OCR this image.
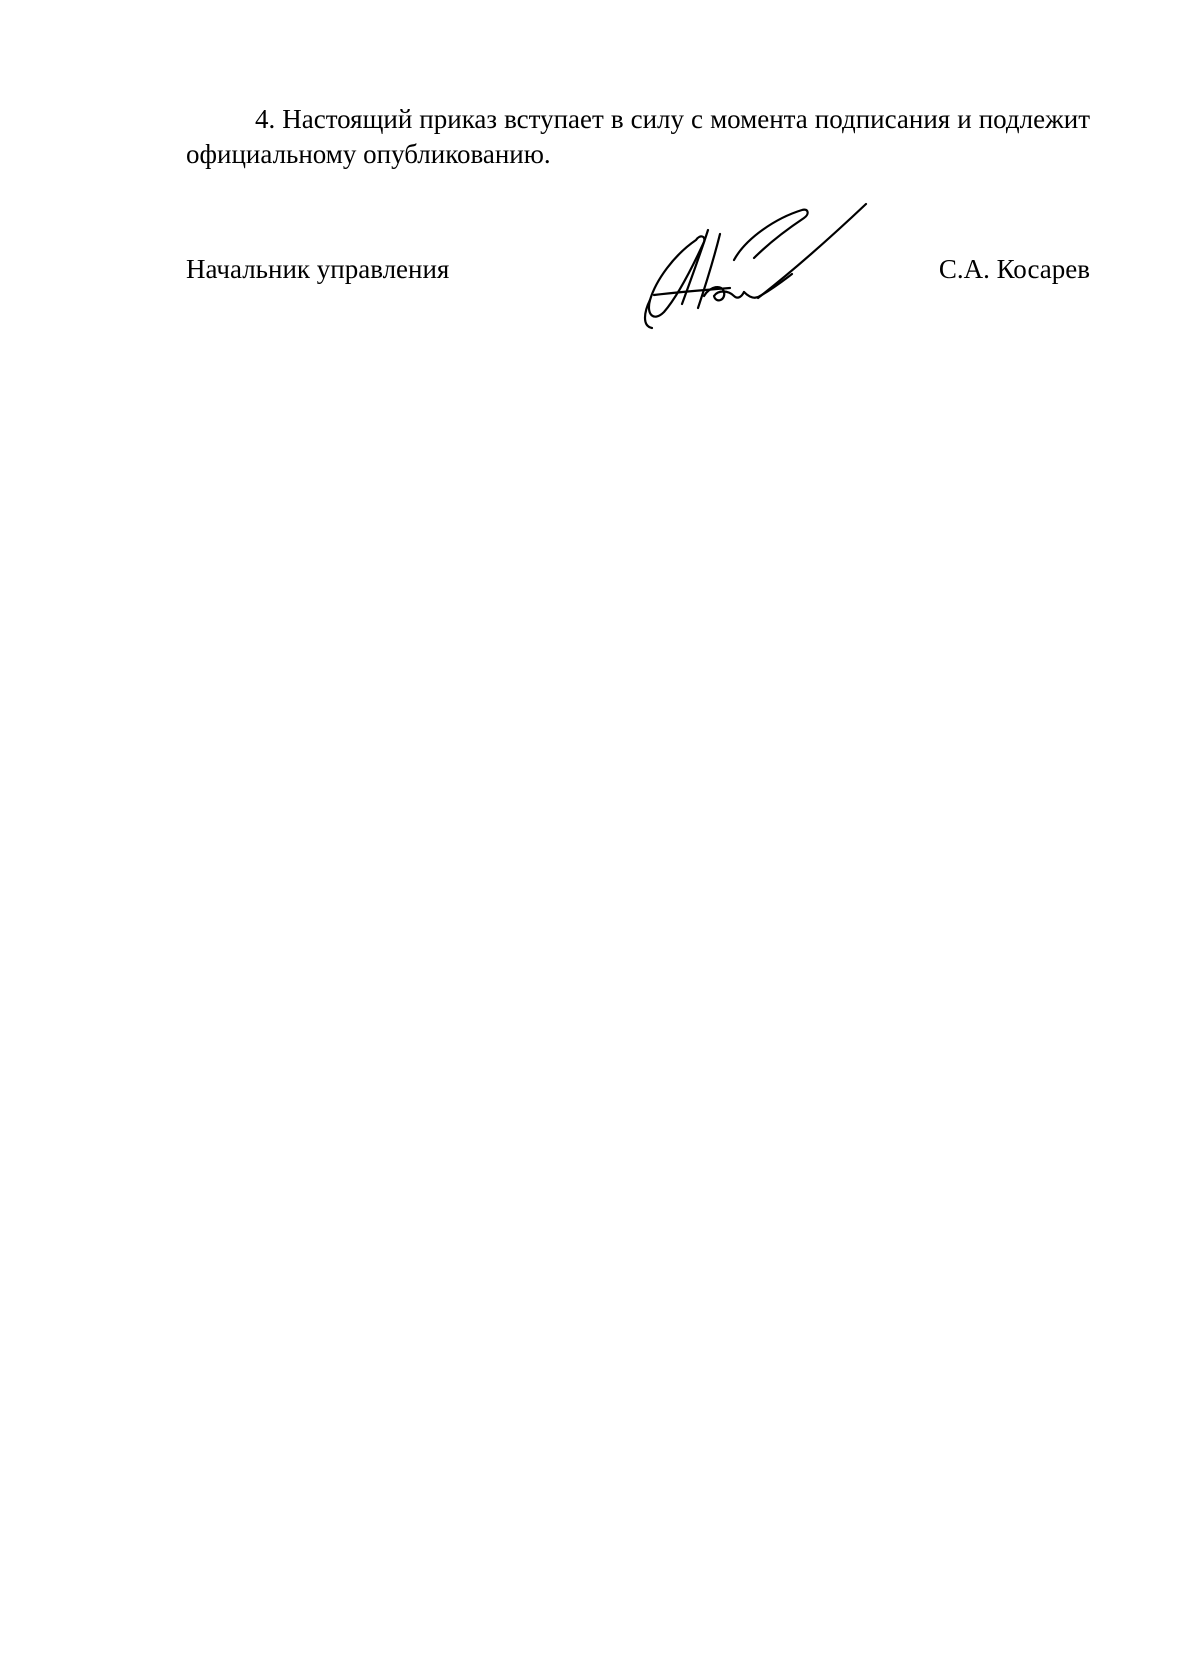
4. Настоящий приказ вступает в силу с момента подписания и подлежит официальному опубликованию.

Начальник управления	С.А. Косарев
